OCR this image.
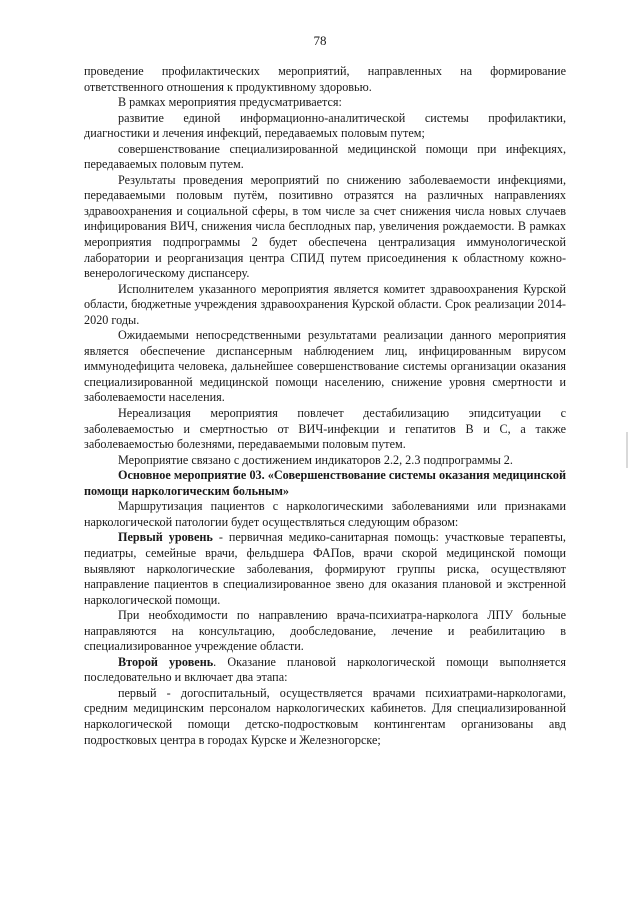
78

проведение профилактических мероприятий, направленных на формирование ответственного отношения к продуктивному здоровью.

В рамках мероприятия предусматривается:

развитие единой информационно-аналитической системы профилактики, диагностики и лечения инфекций, передаваемых половым путем;

совершенствование специализированной медицинской помощи при инфекциях, передаваемых половым путем.

Результаты проведения мероприятий по снижению заболеваемости инфекциями, передаваемыми половым путём, позитивно отразятся на различных направлениях здравоохранения и социальной сферы, в том числе за счет снижения числа новых случаев инфицирования ВИЧ, снижения числа бесплодных пар, увеличения рождаемости. В рамках мероприятия подпрограммы 2 будет обеспечена централизация иммунологической лаборатории и реорганизация центра СПИД путем присоединения к областному кожно-венерологическому диспансеру.

Исполнителем указанного мероприятия является комитет здравоохранения Курской области, бюджетные учреждения здравоохранения Курской области. Срок реализации 2014-2020 годы.

Ожидаемыми непосредственными результатами реализации данного мероприятия является обеспечение диспансерным наблюдением лиц, инфицированным вирусом иммунодефицита человека, дальнейшее совершенствование системы организации оказания специализированной медицинской помощи населению, снижение уровня смертности и заболеваемости населения.

Нереализация мероприятия повлечет дестабилизацию эпидситуации с заболеваемостью и смертностью от ВИЧ-инфекции и гепатитов В и С, а также заболеваемостью болезнями, передаваемыми половым путем.

Мероприятие связано с достижением индикаторов 2.2, 2.3 подпрограммы 2.

Основное мероприятие 03. «Совершенствование системы оказания медицинской помощи наркологическим больным»

Маршрутизация пациентов с наркологическими заболеваниями или признаками наркологической патологии будет осуществляться следующим образом:

Первый уровень - первичная медико-санитарная помощь: участковые терапевты, педиатры, семейные врачи, фельдшера ФАПов, врачи скорой медицинской помощи выявляют наркологические заболевания, формируют группы риска, осуществляют направление пациентов в специализированное звено для оказания плановой и экстренной наркологической помощи.

При необходимости по направлению врача-психиатра-нарколога ЛПУ больные направляются на консультацию, дообследование, лечение и реабилитацию в специализированное учреждение области.

Второй уровень. Оказание плановой наркологической помощи выполняется последовательно и включает два этапа:

первый - догоспитальный, осуществляется врачами психиатрами-наркологами, средним медицинским персоналом наркологических кабинетов. Для специализированной наркологической помощи детско-подростковым контингентам организованы авд подростковых центра в городах Курске и Железногорске;
